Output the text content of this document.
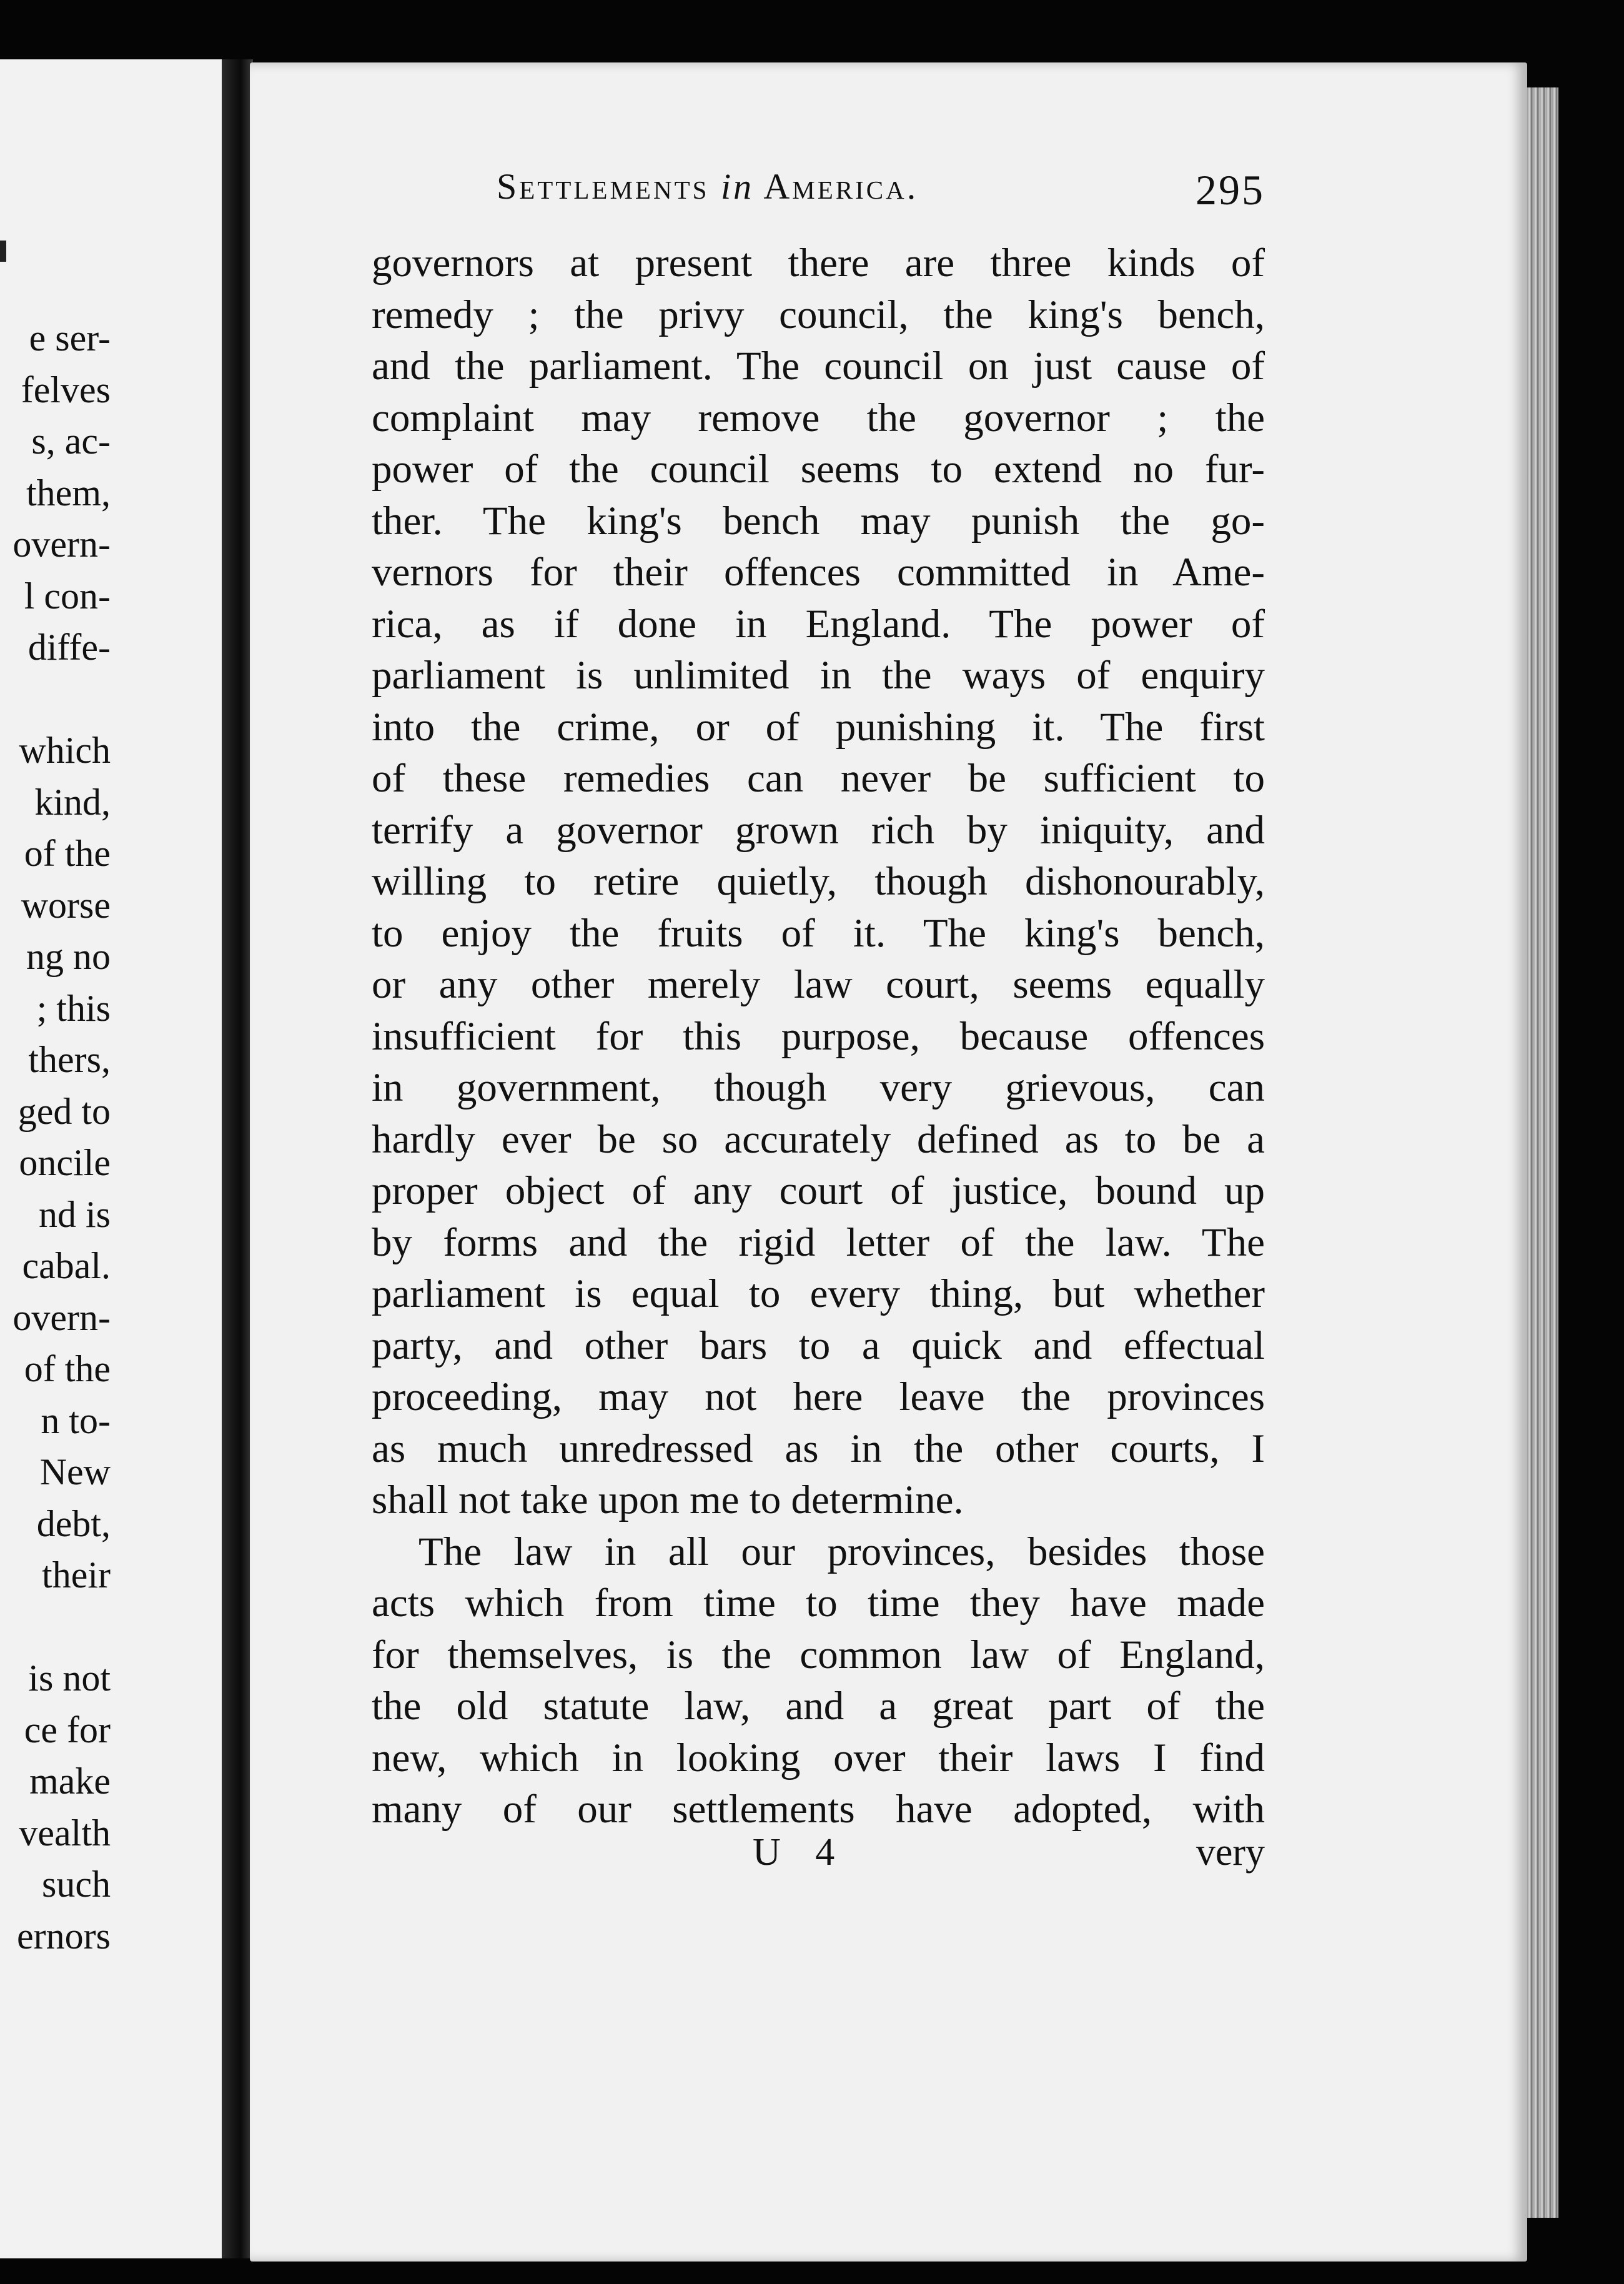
e ser-
felves
s, ac-
them,
overn-
l con-
diffe-
which
kind,
of the
worse
ng no
; this
thers,
ged to
oncile
nd is
cabal.
overn-
of the
n to-
New
debt,
their
is not
ce for
make
vealth
such
ernors
Settlements in America.	295
governors at present there are three kinds of
remedy ; the privy council, the king's bench,
and the parliament. The council on just cause of
complaint may remove the governor ; the
power of the council seems to extend no fur-
ther. The king's bench may punish the go-
vernors for their offences committed in Ame-
rica, as if done in England. The power of
parliament is unlimited in the ways of enquiry
into the crime, or of punishing it. The first
of these remedies can never be sufficient to
terrify a governor grown rich by iniquity, and
willing to retire quietly, though dishonourably,
to enjoy the fruits of it. The king's bench,
or any other merely law court, seems equally
insufficient for this purpose, because offences
in government, though very grievous, can
hardly ever be so accurately defined as to be a
proper object of any court of justice, bound up
by forms and the rigid letter of the law. The
parliament is equal to every thing, but whether
party, and other bars to a quick and effectual
proceeding, may not here leave the provinces
as much unredressed as in the other courts, I
shall not take upon me to determine.
The law in all our provinces, besides those
acts which from time to time they have made
for themselves, is the common law of England,
the old statute law, and a great part of the
new, which in looking over their laws I find
many of our settlements have adopted, with
U 4	very
